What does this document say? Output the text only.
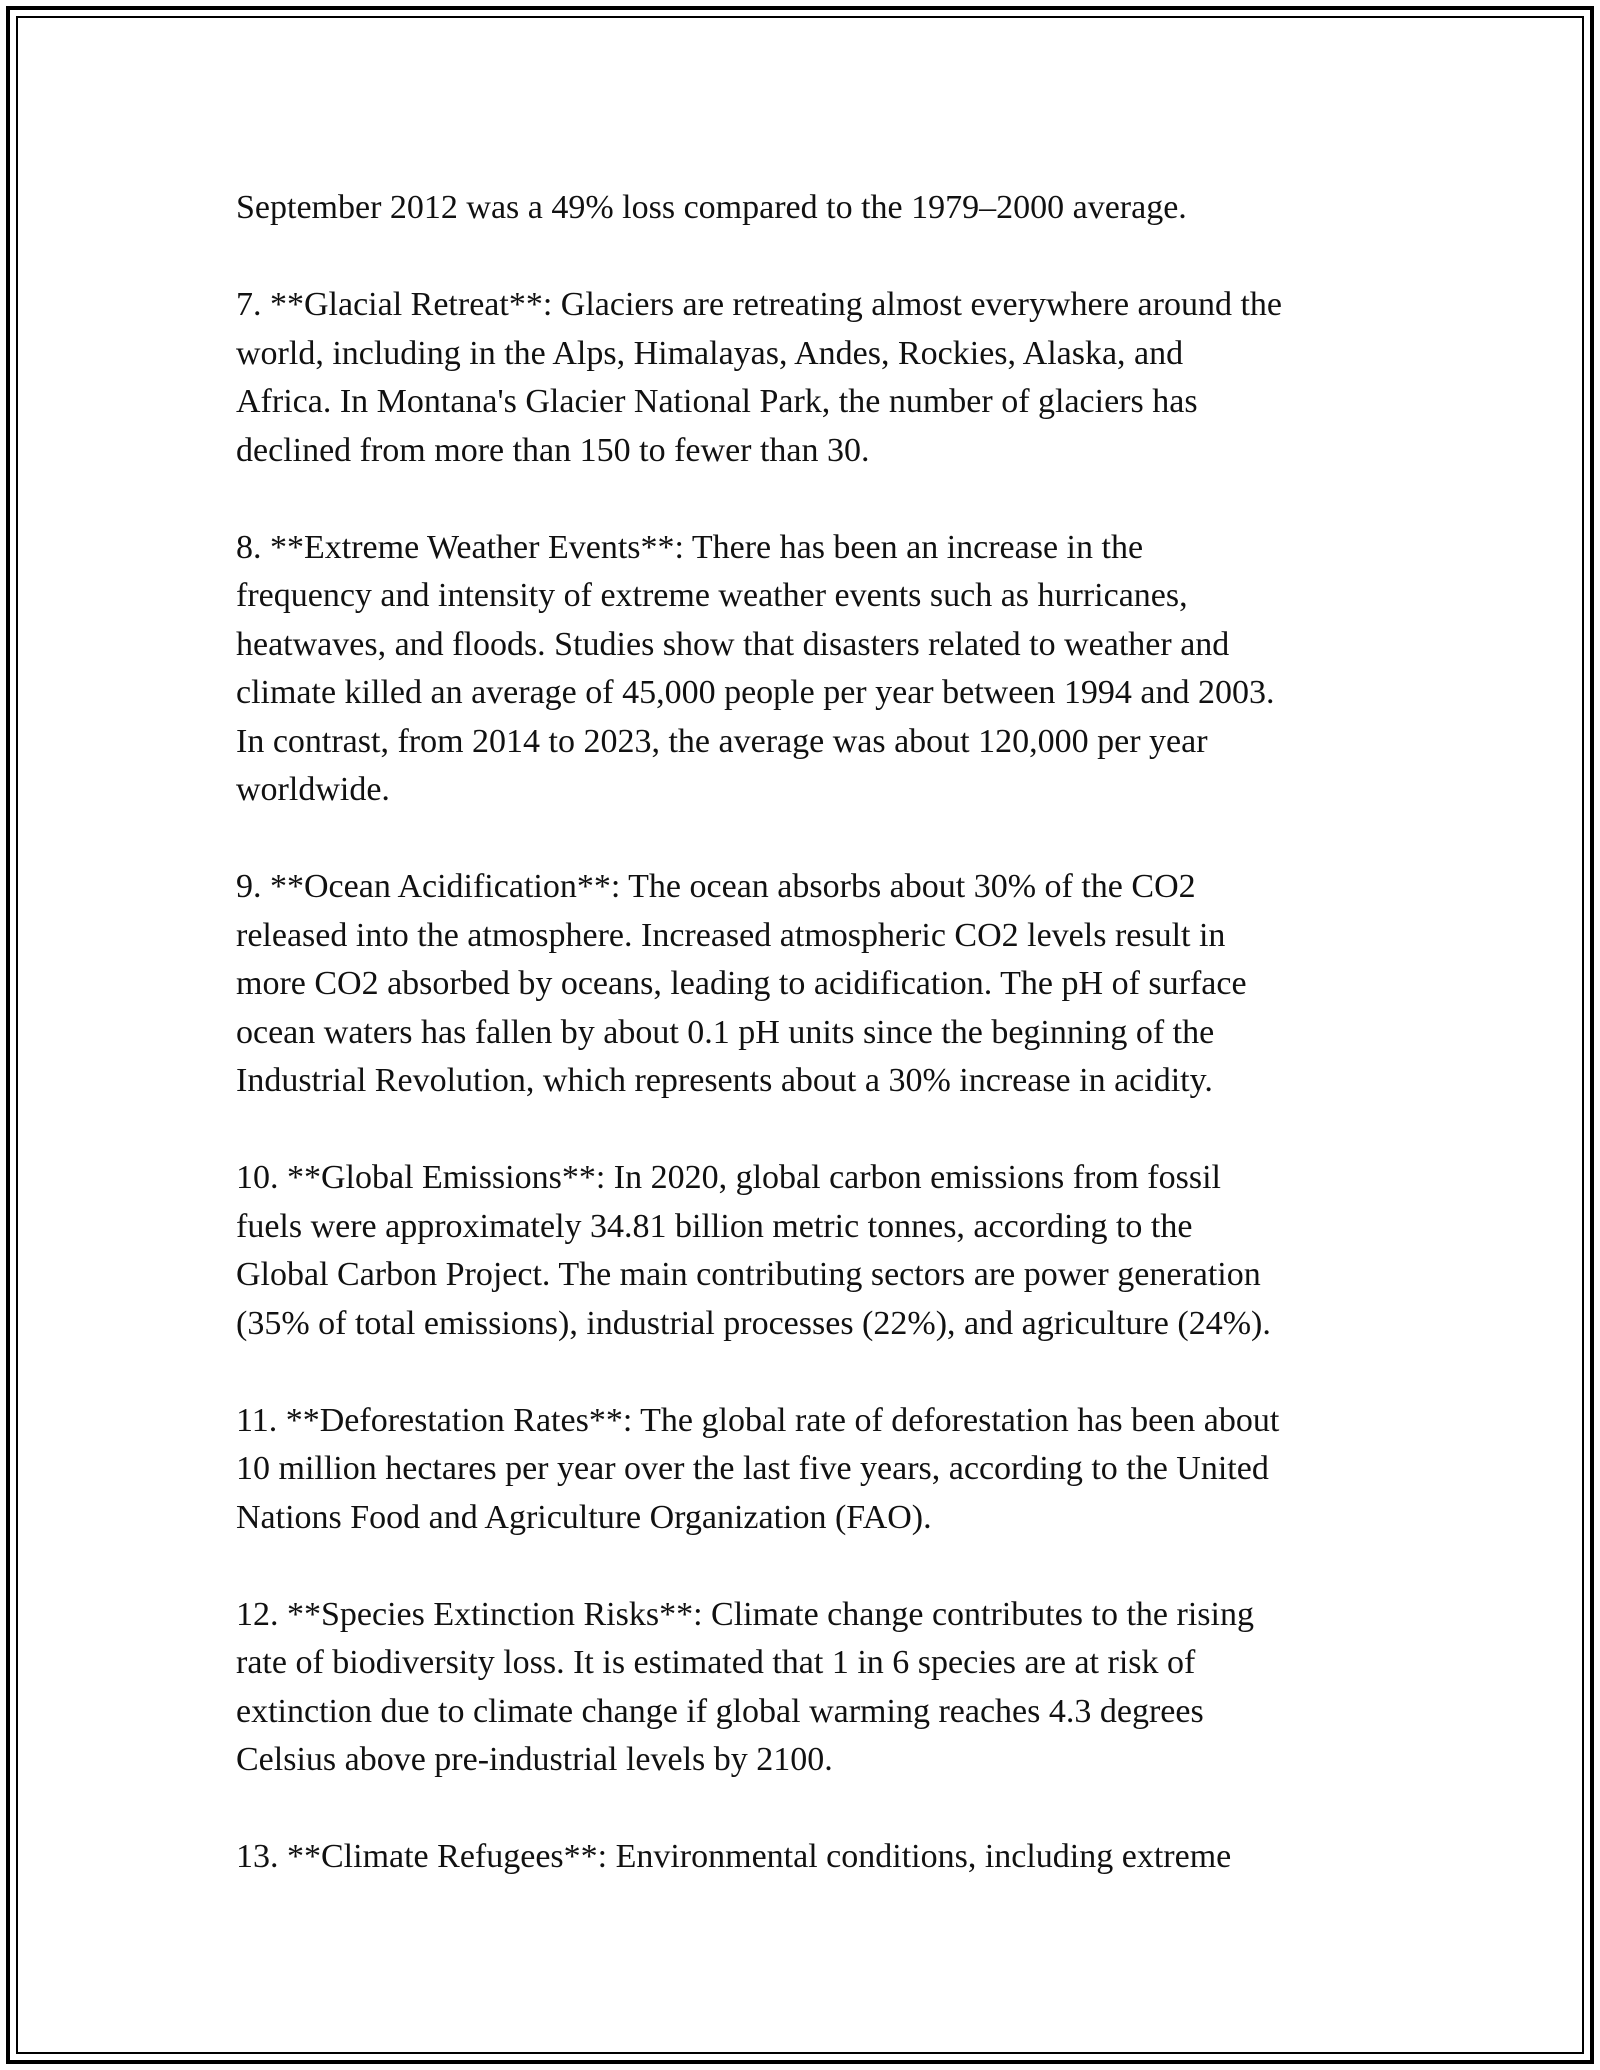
September 2012 was a 49% loss compared to the 1979–2000 average.

7. **Glacial Retreat**: Glaciers are retreating almost everywhere around the
world, including in the Alps, Himalayas, Andes, Rockies, Alaska, and
Africa. In Montana's Glacier National Park, the number of glaciers has
declined from more than 150 to fewer than 30.

8. **Extreme Weather Events**: There has been an increase in the
frequency and intensity of extreme weather events such as hurricanes,
heatwaves, and floods. Studies show that disasters related to weather and
climate killed an average of 45,000 people per year between 1994 and 2003.
In contrast, from 2014 to 2023, the average was about 120,000 per year
worldwide.

9. **Ocean Acidification**: The ocean absorbs about 30% of the CO2
released into the atmosphere. Increased atmospheric CO2 levels result in
more CO2 absorbed by oceans, leading to acidification. The pH of surface
ocean waters has fallen by about 0.1 pH units since the beginning of the
Industrial Revolution, which represents about a 30% increase in acidity.

10. **Global Emissions**: In 2020, global carbon emissions from fossil
fuels were approximately 34.81 billion metric tonnes, according to the
Global Carbon Project. The main contributing sectors are power generation
(35% of total emissions), industrial processes (22%), and agriculture (24%).

11. **Deforestation Rates**: The global rate of deforestation has been about
10 million hectares per year over the last five years, according to the United
Nations Food and Agriculture Organization (FAO).

12. **Species Extinction Risks**: Climate change contributes to the rising
rate of biodiversity loss. It is estimated that 1 in 6 species are at risk of
extinction due to climate change if global warming reaches 4.3 degrees
Celsius above pre-industrial levels by 2100.

13. **Climate Refugees**: Environmental conditions, including extreme
